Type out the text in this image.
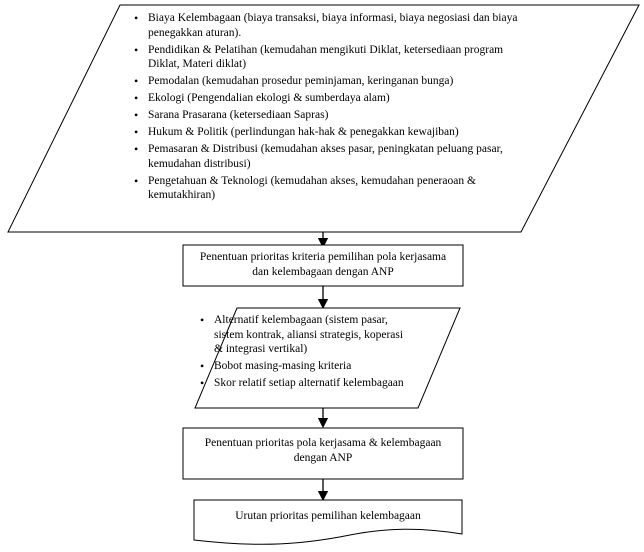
• Biaya Kelembagaan (biaya transaksi, biaya informasi, biaya negosiasi dan biaya penegakkan aturan).
• Pendidikan & Pelatihan (kemudahan mengikuti Diklat, ketersediaan program Diklat, Materi diklat)
• Pemodalan (kemudahan prosedur peminjaman, keringanan bunga)
• Ekologi (Pengendalian ekologi & sumberdaya alam)
• Sarana Prasarana (ketersediaan Sapras)
• Hukum & Politik (perlindungan hak-hak & penegakkan kewajiban)
• Pemasaran & Distribusi (kemudahan akses pasar, peningkatan peluang pasar, kemudahan distribusi)
• Pengetahuan & Teknologi (kemudahan akses, kemudahan peneraoan & kemutakhiran)
Penentuan prioritas kriteria pemilihan pola kerjasama dan kelembagaan dengan ANP
• Alternatif kelembagaan (sistem pasar, sistem kontrak, aliansi strategis, koperasi & integrasi vertikal)
• Bobot masing-masing kriteria
• Skor relatif setiap alternatif kelembagaan
Penentuan prioritas pola kerjasama & kelembagaan dengan ANP
Urutan prioritas pemilihan kelembagaan
